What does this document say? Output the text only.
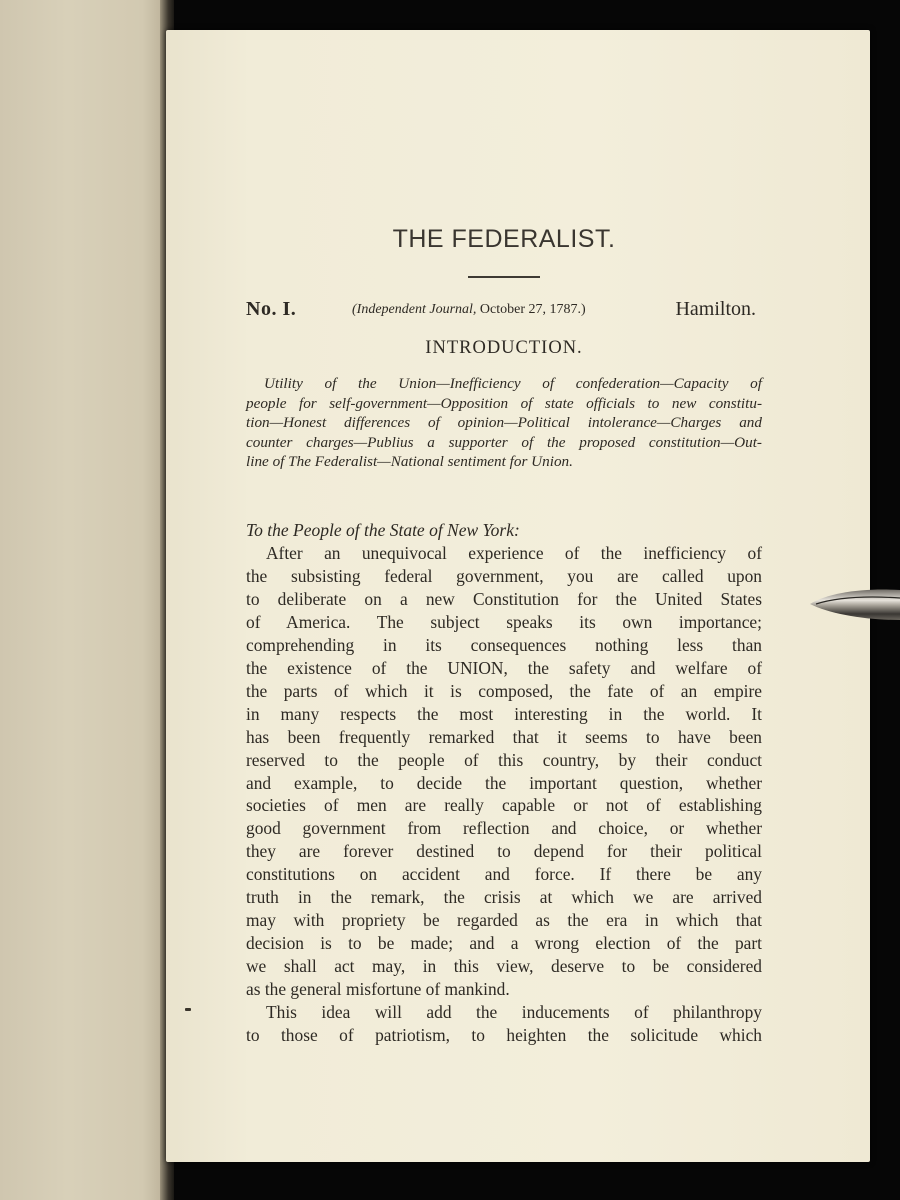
THE FEDERALIST.
No. I.	(Independent Journal, October 27, 1787.)	Hamilton.
INTRODUCTION.
Utility of the Union—Inefficiency of confederation—Capacity of
people for self-government—Opposition of state officials to new constitu-
tion—Honest differences of opinion—Political intolerance—Charges and
counter charges—Publius a supporter of the proposed constitution—Out-
line of The Federalist—National sentiment for Union.
To the People of the State of New York:
After an unequivocal experience of the inefficiency of
the subsisting federal government, you are called upon
to deliberate on a new Constitution for the United States
of America. The subject speaks its own importance;
comprehending in its consequences nothing less than
the existence of the UNION, the safety and welfare of
the parts of which it is composed, the fate of an empire
in many respects the most interesting in the world. It
has been frequently remarked that it seems to have been
reserved to the people of this country, by their conduct
and example, to decide the important question, whether
societies of men are really capable or not of establishing
good government from reflection and choice, or whether
they are forever destined to depend for their political
constitutions on accident and force. If there be any
truth in the remark, the crisis at which we are arrived
may with propriety be regarded as the era in which that
decision is to be made; and a wrong election of the part
we shall act may, in this view, deserve to be considered
as the general misfortune of mankind.
This idea will add the inducements of philanthropy
to those of patriotism, to heighten the solicitude which
